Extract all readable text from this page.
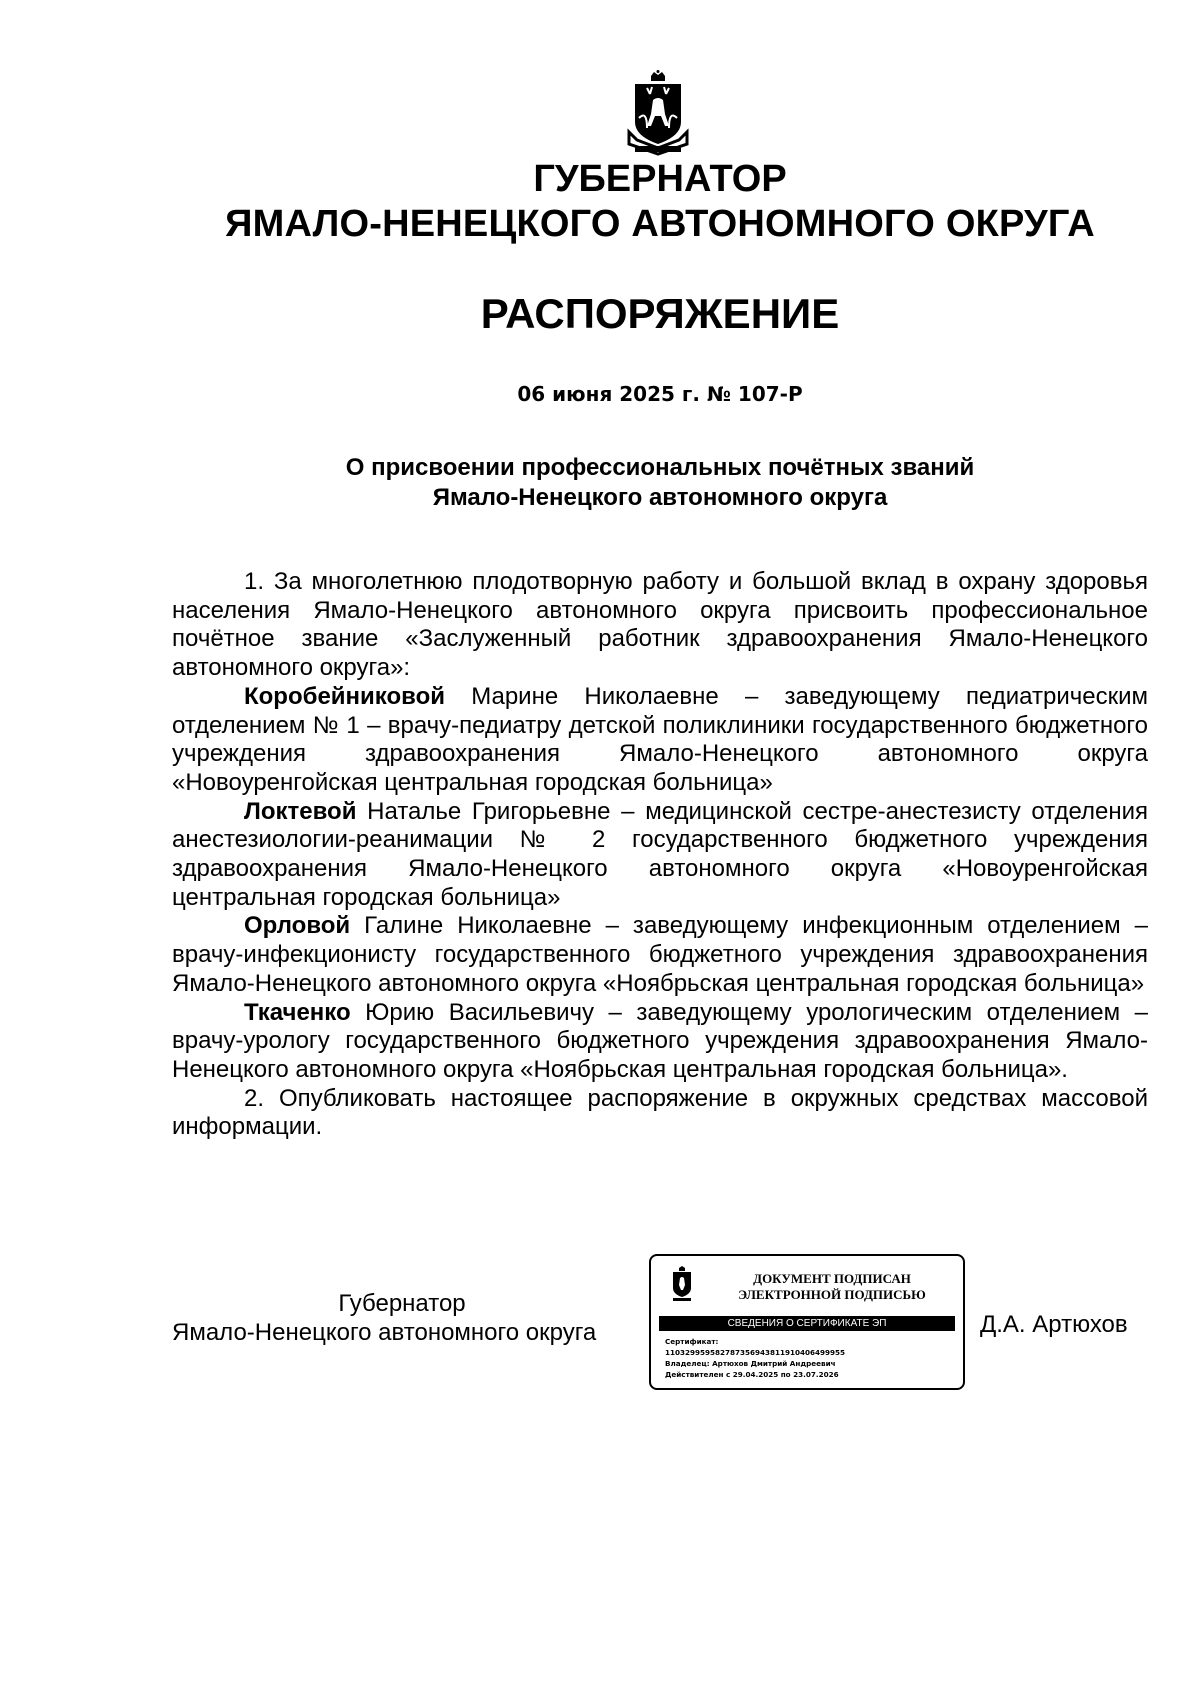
ГУБЕРНАТОР
ЯМАЛО-НЕНЕЦКОГО АВТОНОМНОГО ОКРУГА
РАСПОРЯЖЕНИЕ
06 июня 2025 г. № 107-Р
О присвоении профессиональных почётных званий
Ямало-Ненецкого автономного округа

1. За многолетнюю плодотворную работу и большой вклад в охрану здоровья населения Ямало-Ненецкого автономного округа присвоить профессиональное почётное звание «Заслуженный работник здравоохранения Ямало-Ненецкого автономного округа»:

Коробейниковой Марине Николаевне – заведующему педиатрическим отделением № 1 – врачу-педиатру детской поликлиники государственного бюджетного учреждения здравоохранения Ямало-Ненецкого автономного округа «Новоуренгойская центральная городская больница»

Локтевой Наталье Григорьевне – медицинской сестре-анестезисту отделения анестезиологии-реанимации № 2 государственного бюджетного учреждения здравоохранения Ямало-Ненецкого автономного округа «Новоуренгойская центральная городская больница»

Орловой Галине Николаевне – заведующему инфекционным отделением – врачу-инфекционисту государственного бюджетного учреждения здравоохранения Ямало-Ненецкого автономного округа «Ноябрьская центральная городская больница»

Ткаченко Юрию Васильевичу – заведующему урологическим отделением – врачу-урологу государственного бюджетного учреждения здравоохранения Ямало-Ненецкого автономного округа «Ноябрьская центральная городская больница».

2. Опубликовать настоящее распоряжение в окружных средствах массовой информации.

Губернатор
Ямало-Ненецкого автономного округа
ДОКУМЕНТ ПОДПИСАН
ЭЛЕКТРОННОЙ ПОДПИСЬЮ
СВЕДЕНИЯ О СЕРТИФИКАТЕ ЭП
Сертификат:
110329959582787356943811910406499955
Владелец: Артюхов Дмитрий Андреевич
Действителен с 29.04.2025 по 23.07.2026
Д.А. Артюхов
